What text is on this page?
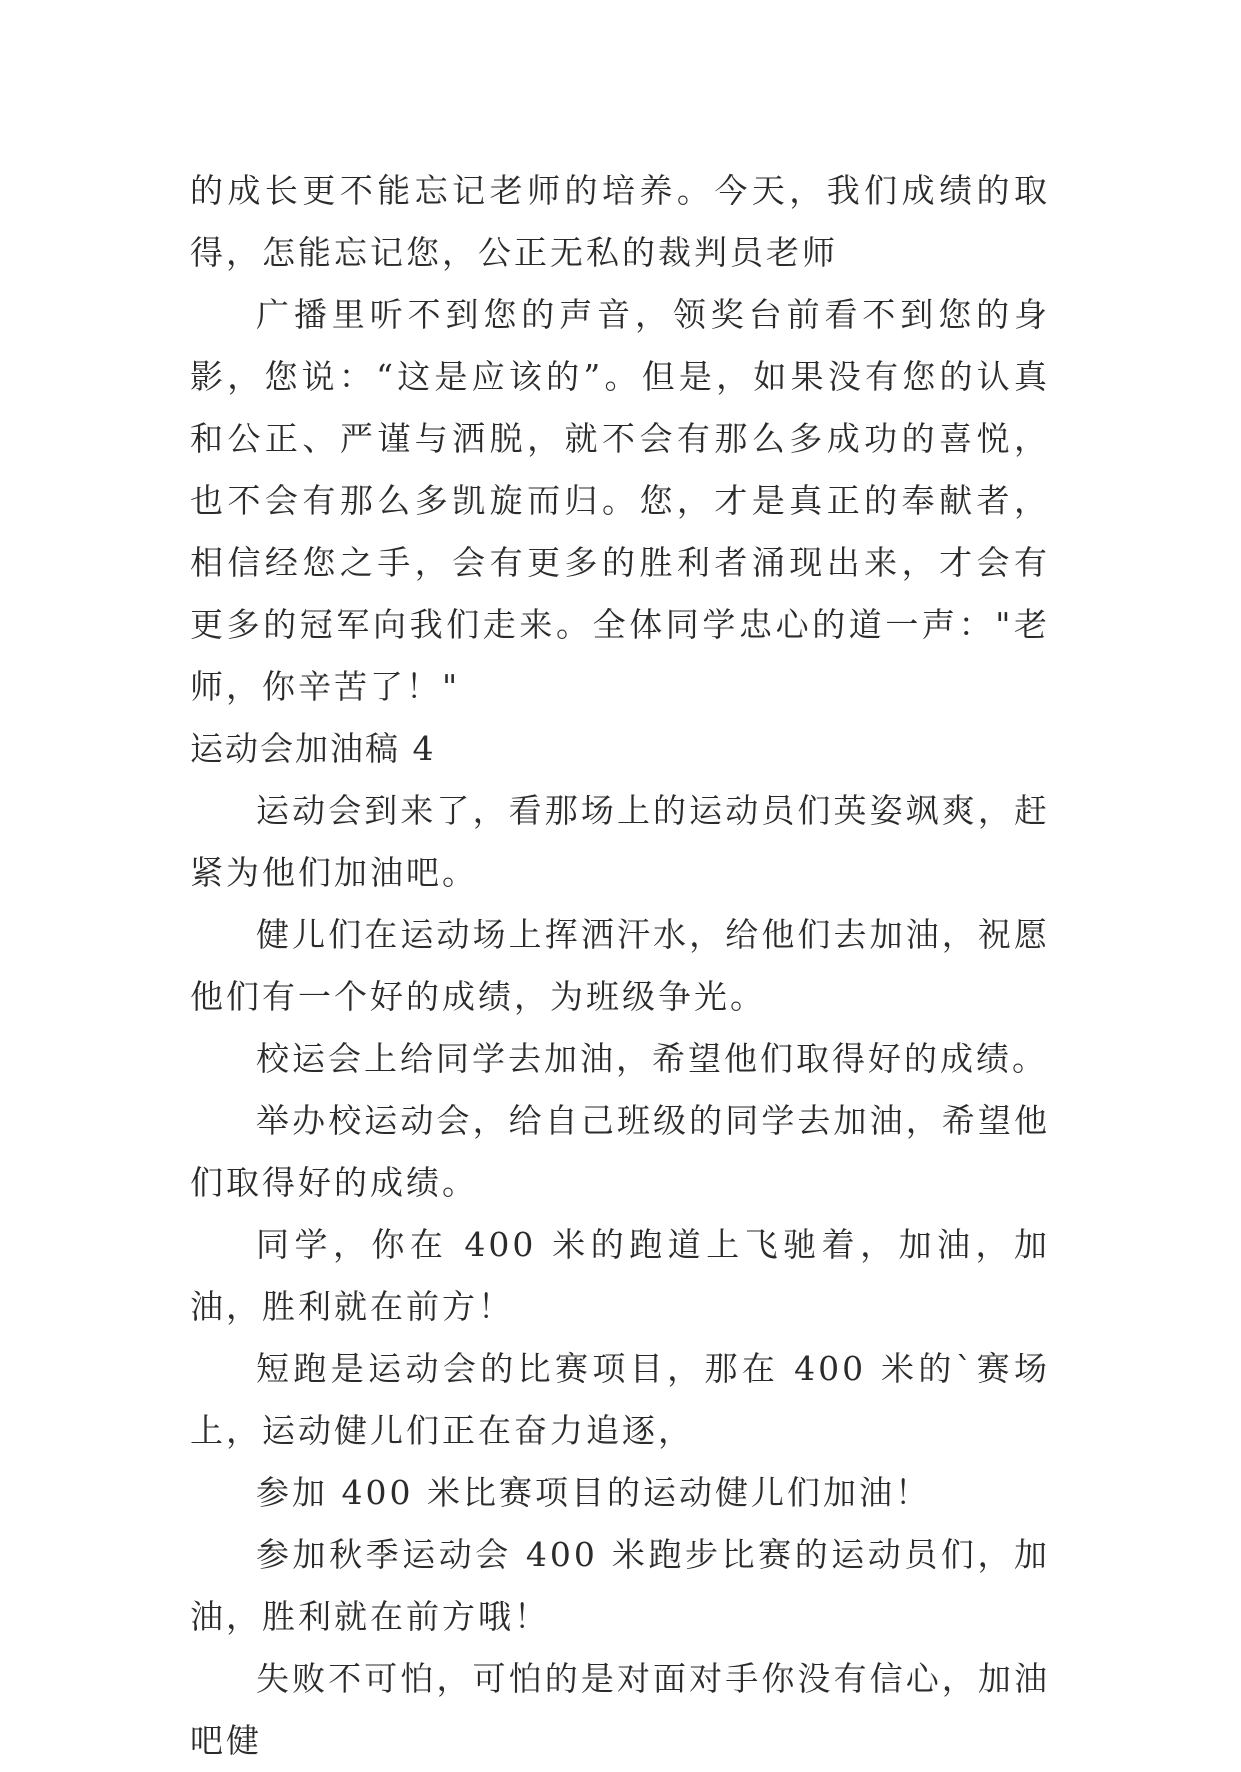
的成长更不能忘记老师的培养。今天，我们成绩的取得，怎能忘记您，公正无私的裁判员老师

广播里听不到您的声音，领奖台前看不到您的身影，您说：“这是应该的”。但是，如果没有您的认真和公正、严谨与洒脱，就不会有那么多成功的喜悦，也不会有那么多凯旋而归。您，才是真正的奉献者，相信经您之手，会有更多的胜利者涌现出来，才会有更多的冠军向我们走来。全体同学忠心的道一声："老师，你辛苦了！"

运动会加油稿 4

运动会到来了，看那场上的运动员们英姿飒爽，赶紧为他们加油吧。

健儿们在运动场上挥洒汗水，给他们去加油，祝愿他们有一个好的成绩，为班级争光。

校运会上给同学去加油，希望他们取得好的成绩。

举办校运动会，给自己班级的同学去加油，希望他们取得好的成绩。

同学，你在 400 米的跑道上飞驰着，加油，加油，胜利就在前方！

短跑是运动会的比赛项目，那在 400 米的`赛场上，运动健儿们正在奋力追逐，

参加 400 米比赛项目的运动健儿们加油！

参加秋季运动会 400 米跑步比赛的运动员们，加油，胜利就在前方哦！

失败不可怕，可怕的是对面对手你没有信心，加油吧健
